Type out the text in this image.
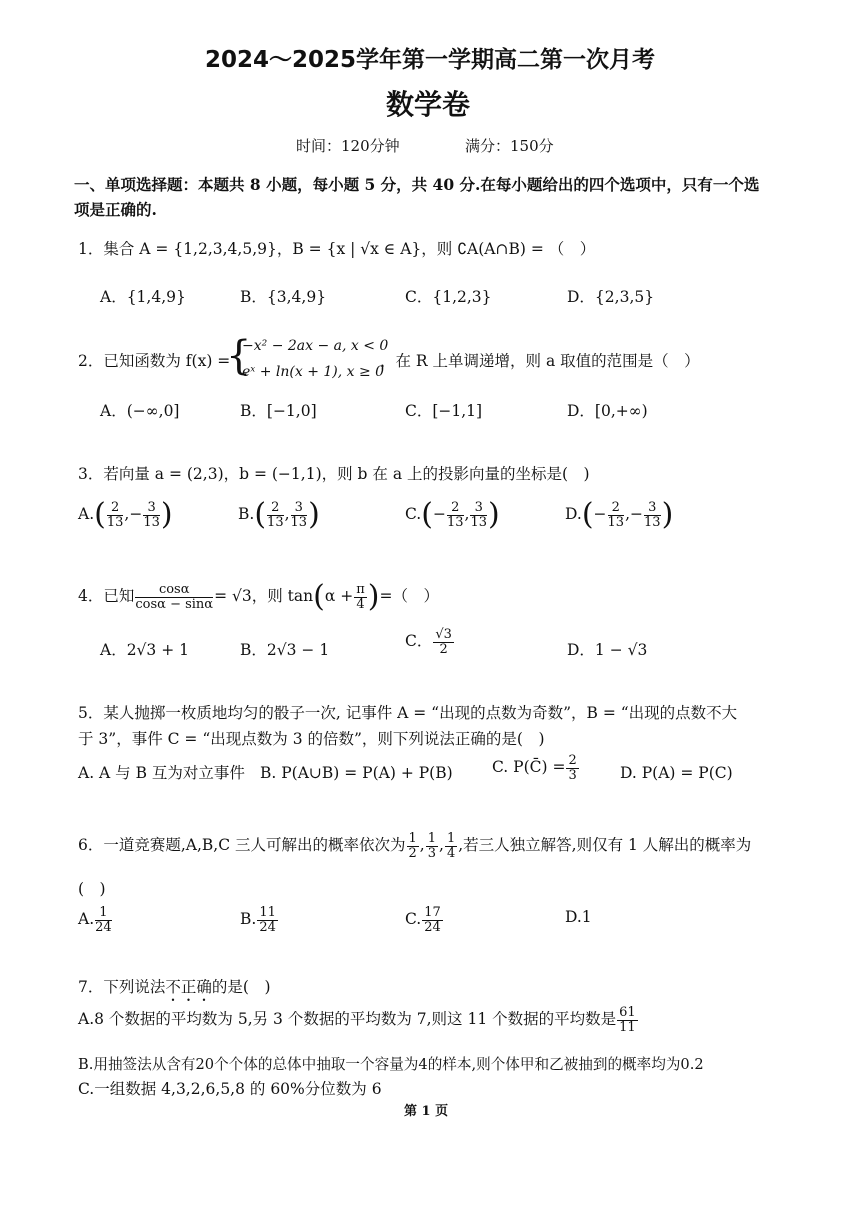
2024～2025学年第一学期高二第一次月考
数学卷
时间：120分钟	满分：150分
一、单项选择题：本题共 8 小题，每小题 5 分，共 40 分.在每小题给出的四个选项中，只有一个选
项是正确的.
1．集合 A = {1,2,3,4,5,9}，B = {x | √x ∈ A}，则 ∁A(A∩B) = （　）
A．{1,4,9}	B．{3,4,9}	C．{1,2,3}	D．{2,3,5}
2．已知函数为 f(x) =
{
−x² − 2ax − a, x < 0
eˣ + ln(x + 1), x ≥ 0
，在 R 上单调递增，则 a 取值的范围是（　）
A．(−∞,0]	B．[−1,0]	C．[−1,1]	D．[0,+∞)
3．若向量 a = (2,3)，b = (−1,1)，则 b 在 a 上的投影向量的坐标是(　)
$A.( \frac{2}{13}$ ,− $\frac{3}{13}$ )	$B.( \frac{2}{13}$ , $\frac{3}{13}$ )	$C.(- \frac{2}{13}$ , $\frac{3}{13}$ )	$D.(- \frac{2}{13}$ ,− $\frac{3}{13}$ )
4．已知 $\frac{\cos\alpha}{\cos\alpha - \sin\alpha} = √3$，则 $\tan(\alpha + \frac{\pi}{4}$ )=（　）
A．2√3 + 1	B．2√3 − 1	C． $\frac{√3}{2}$	D．1 − √3
5．某人抛掷一枚质地均匀的骰子一次, 记事件 A = “出现的点数为奇数”，B = “出现的点数不大
于 3”，事件 C = “出现点数为 3 的倍数”，则下列说法正确的是(　)
A. A 与 B 互为对立事件 B. P(A∪B) = P(A) + P(B)	C. P(C̄) = $\frac{2}{3}$	D. P(A) = P(C)
6．一道竞赛题,A,B,C 三人可解出的概率依次为 $\frac{1}{2}$ , $\frac{1}{3}$ , $\frac{1}{4}$ ,若三人独立解答,则仅有 1 人解出的概率为
(　)
A. $\frac{1}{24}$	B. $\frac{11}{24}$	C. $\frac{17}{24}$	D.1
7．下列说法不正确的是(　)
A.8 个数据的平均数为 5,另 3 个数据的平均数为 7,则这 11 个数据的平均数是 $\frac{61}{11}$
B.用抽签法从含有20个个体的总体中抽取一个容量为4的样本,则个体甲和乙被抽到的概率均为0.2
C.一组数据 4,3,2,6,5,8 的 60%分位数为 6
第 1 页
